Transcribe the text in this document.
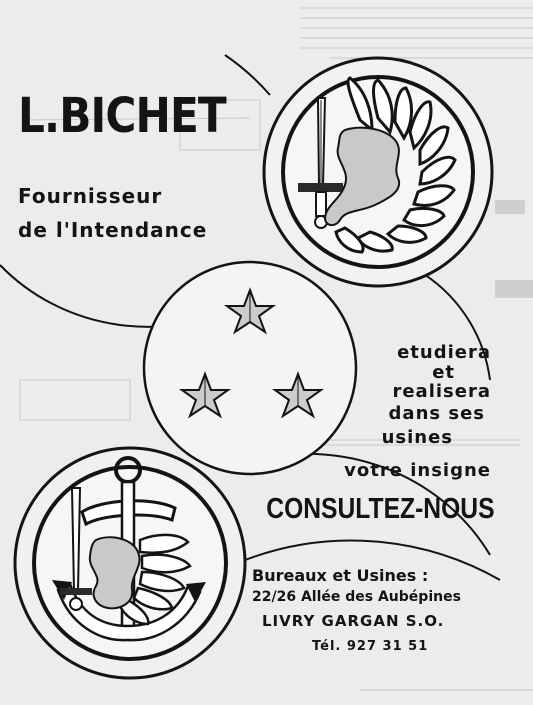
L.BICHET
Fournisseur
de l'Intendance
etudiera
et
realisera
dans ses
usines
votre insigne
CONSULTEZ-NOUS
Bureaux et Usines :
22/26 Allée des Aubépines
LIVRY GARGAN S.O.
Tél. 927 31 51
